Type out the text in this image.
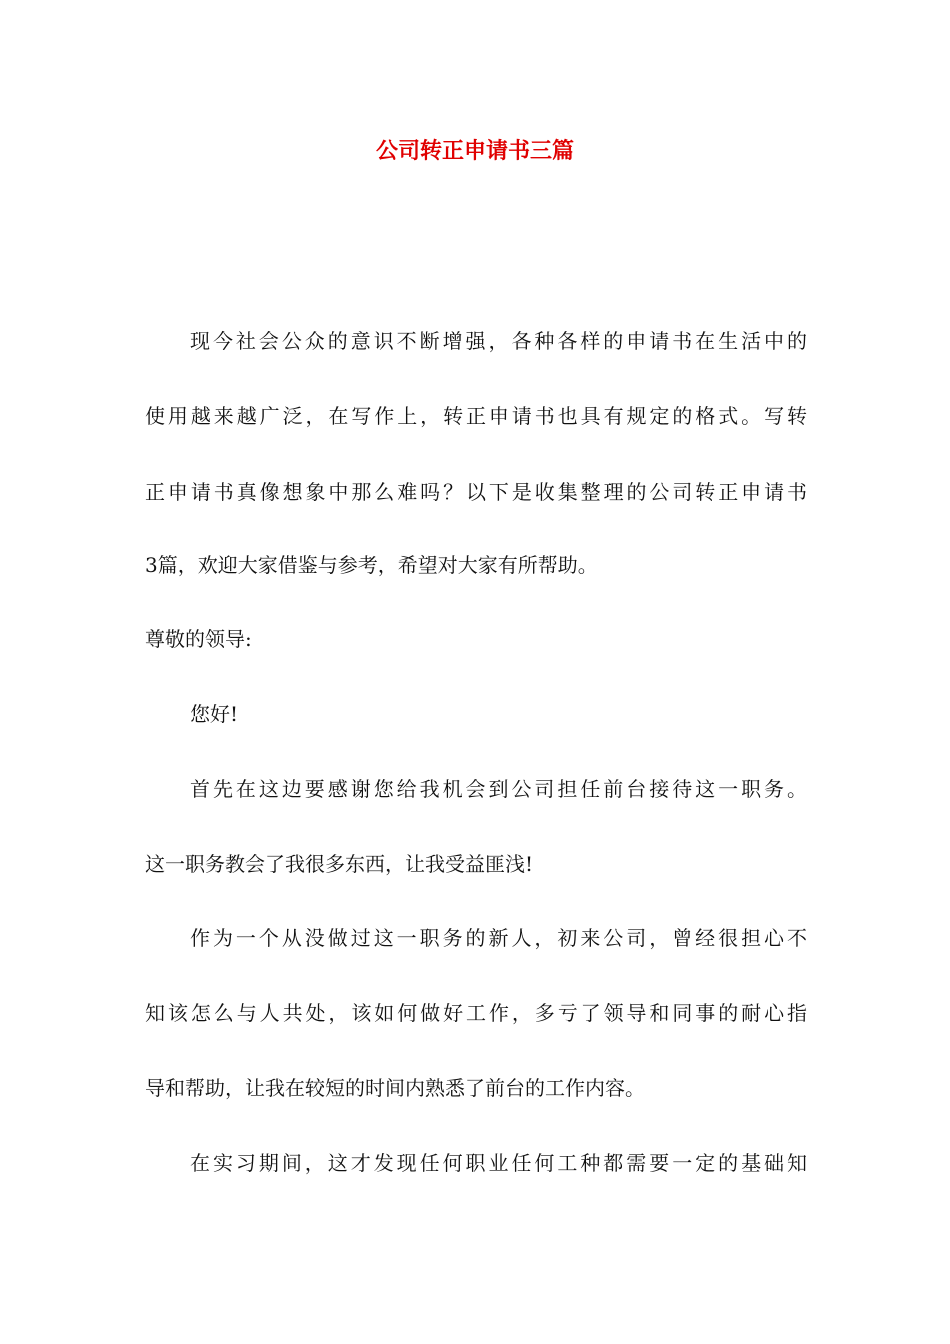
公司转正申请书三篇
现今社会公众的意识不断增强，各种各样的申请书在生活中的
使用越来越广泛，在写作上，转正申请书也具有规定的格式。写转
正申请书真像想象中那么难吗？以下是收集整理的公司转正申请书
3篇，欢迎大家借鉴与参考，希望对大家有所帮助。
尊敬的领导:
您好!
首先在这边要感谢您给我机会到公司担任前台接待这一职务。
这一职务教会了我很多东西，让我受益匪浅!
作为一个从没做过这一职务的新人，初来公司，曾经很担心不
知该怎么与人共处，该如何做好工作，多亏了领导和同事的耐心指
导和帮助，让我在较短的时间内熟悉了前台的工作内容。
在实习期间，这才发现任何职业任何工种都需要一定的基础知
